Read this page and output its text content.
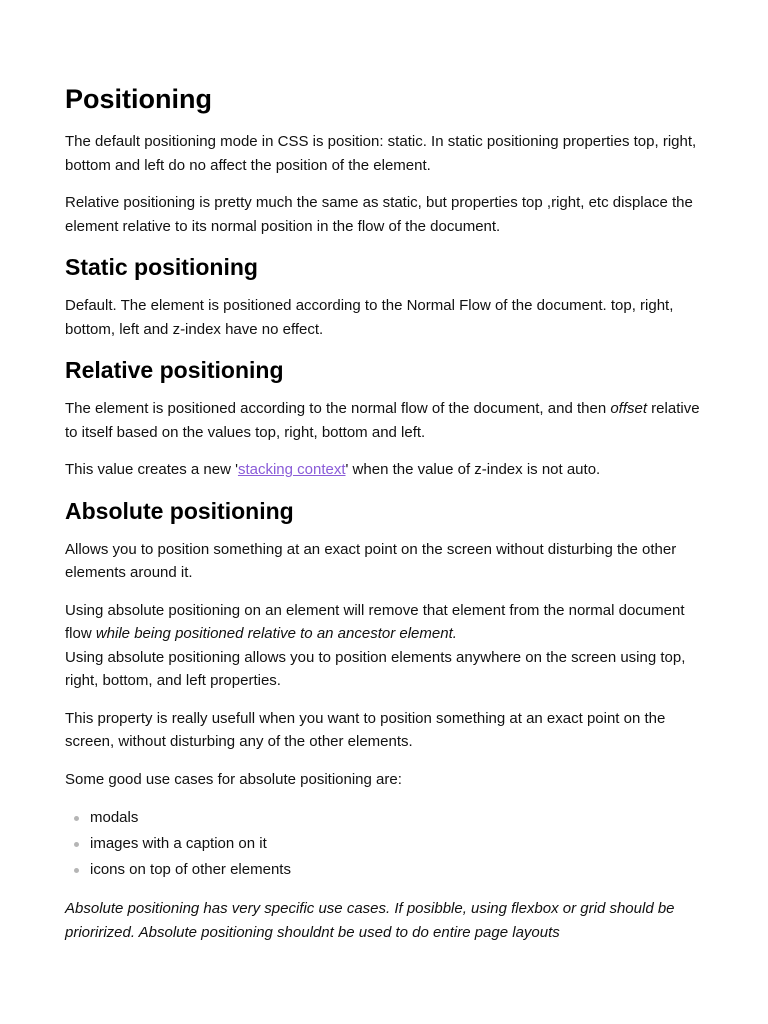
Positioning

The default positioning mode in CSS is position: static. In static positioning properties top, right, bottom and left do no affect the position of the element.

Relative positioning is pretty much the same as static, but properties top ,right, etc displace the element relative to its normal position in the flow of the document.

Static positioning

Default. The element is positioned according to the Normal Flow of the document. top, right, bottom, left and z-index have no effect.

Relative positioning

The element is positioned according to the normal flow of the document, and then offset relative to itself based on the values top, right, bottom and left.

This value creates a new 'stacking context' when the value of z-index is not auto.

Absolute positioning

Allows you to position something at an exact point on the screen without disturbing the other elements around it.

Using absolute positioning on an element will remove that element from the normal document flow while being positioned relative to an ancestor element.
Using absolute positioning allows you to position elements anywhere on the screen using top, right, bottom, and left properties.

This property is really usefull when you want to position something at an exact point on the screen, without disturbing any of the other elements.

Some good use cases for absolute positioning are:

modals
images with a caption on it
icons on top of other elements

Absolute positioning has very specific use cases. If posibble, using flexbox or grid should be priorirized. Absolute positioning shouldnt be used to do entire page layouts
